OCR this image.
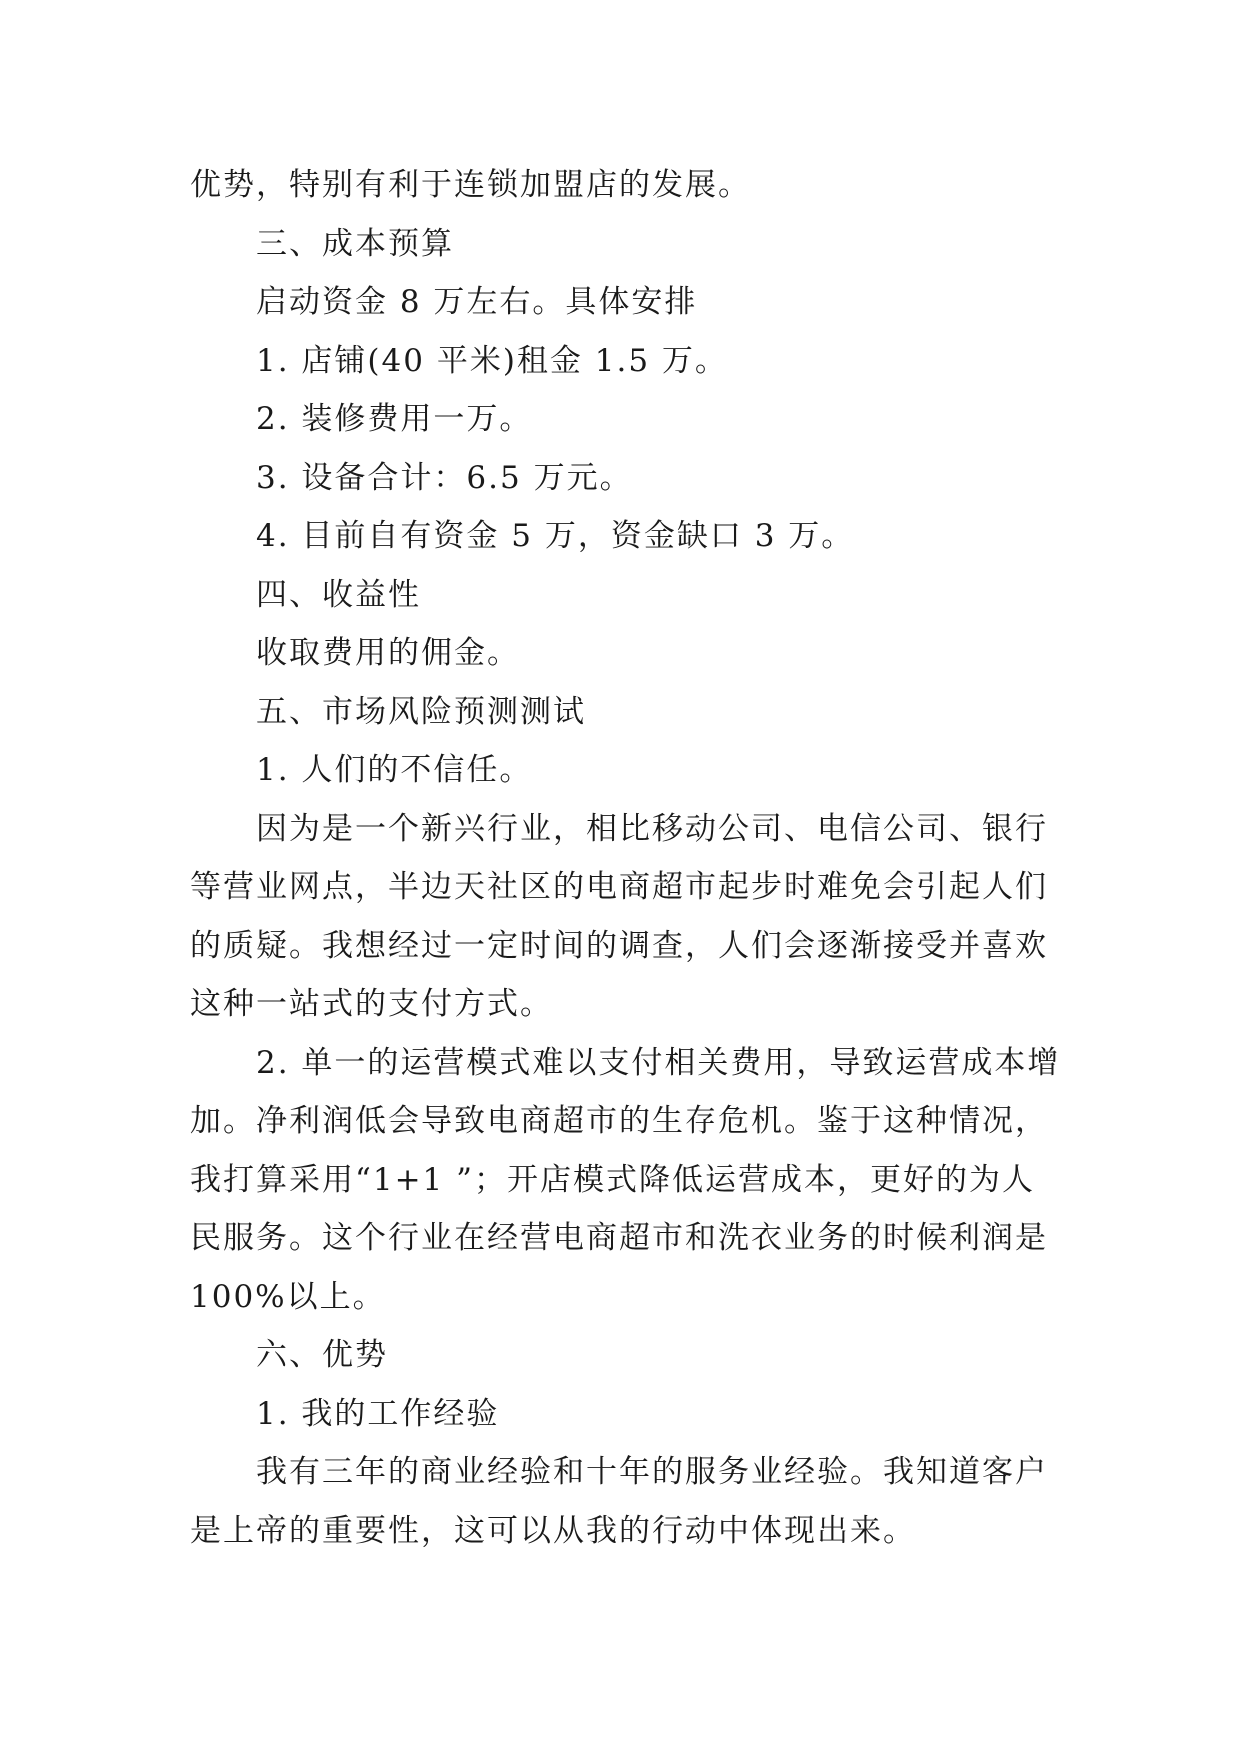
优势，特别有利于连锁加盟店的发展。
三、成本预算
启动资金 8 万左右。具体安排
1. 店铺(40 平米)租金 1.5 万。
2. 装修费用一万。
3. 设备合计：6.5 万元。
4. 目前自有资金 5 万，资金缺口 3 万。
四、收益性
收取费用的佣金。
五、市场风险预测测试
1. 人们的不信任。
因为是一个新兴行业，相比移动公司、电信公司、银行
等营业网点，半边天社区的电商超市起步时难免会引起人们
的质疑。我想经过一定时间的调查，人们会逐渐接受并喜欢
这种一站式的支付方式。
2. 单一的运营模式难以支付相关费用，导致运营成本增
加。净利润低会导致电商超市的生存危机。鉴于这种情况，
我打算采用“1+1 ”；开店模式降低运营成本，更好的为人
民服务。这个行业在经营电商超市和洗衣业务的时候利润是
100%以上。
六、优势
1. 我的工作经验
我有三年的商业经验和十年的服务业经验。我知道客户
是上帝的重要性，这可以从我的行动中体现出来。
